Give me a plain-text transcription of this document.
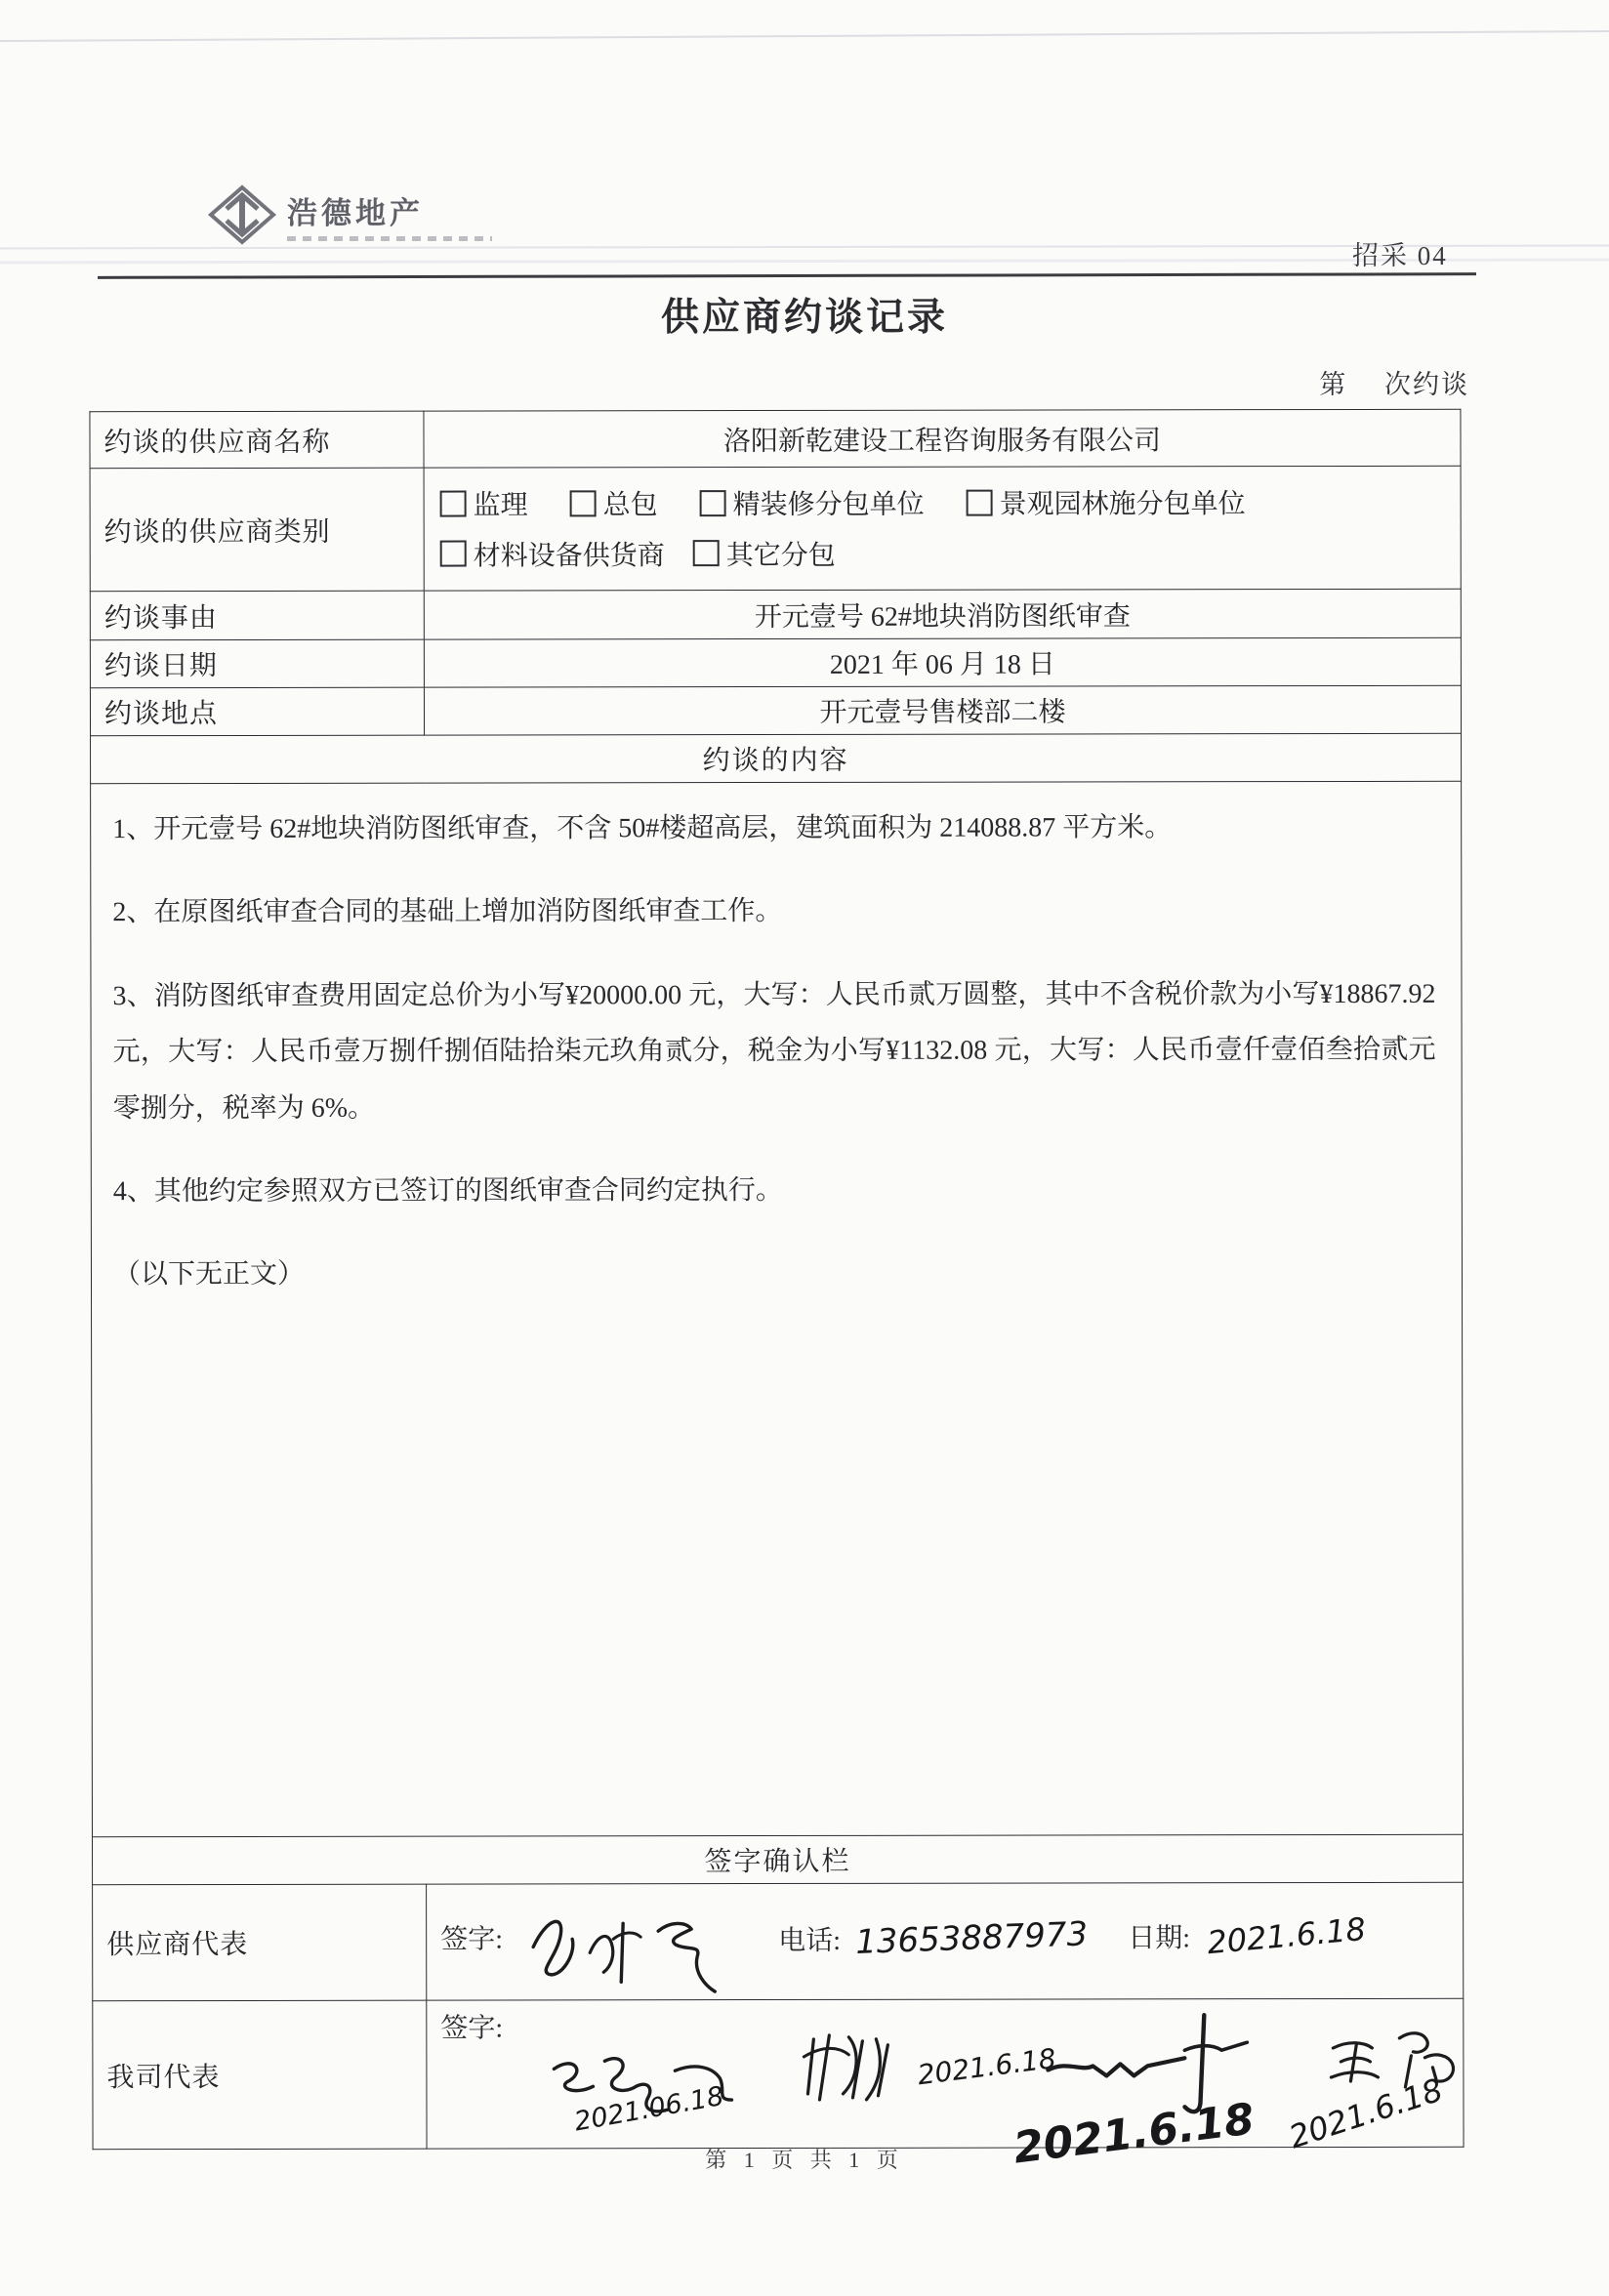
浩德地产
招采 04
供应商约谈记录
第　 次约谈
约谈的供应商名称	洛阳新乾建设工程咨询服务有限公司
约谈的供应商类别	
监理
	总包
	精装修分包单位
	景观园林施分包单位
材料设备供货商
其它分包

约谈事由	开元壹号 62#地块消防图纸审查
约谈日期	2021 年 06 月 18 日
约谈地点	开元壹号售楼部二楼
约谈的内容	

1、开元壹号 62#地块消防图纸审查，不含 50#楼超高层，建筑面积为 214088.87 平方米。

2、在原图纸审查合同的基础上增加消防图纸审查工作。

3、消防图纸审查费用固定总价为小写¥20000.00 元，大写：人民币贰万圆整，其中不含税价款为小写¥18867.92 元，大写：人民币壹万捌仟捌佰陆拾柒元玖角贰分，税金为小写¥1132.08 元，大写：人民币壹仟壹佰叁拾贰元零捌分，税率为 6%。

4、其他约定参照双方已签订的图纸审查合同约定执行。

（以下无正文）	

签字确认栏	
供应商代表	签字: 电话: 13653887973 日期: 2021.6.18

我司代表	签字:
2021.06.18
2021.6.18
2021.6.18 2021.6.18
第 1 页 共 1 页
